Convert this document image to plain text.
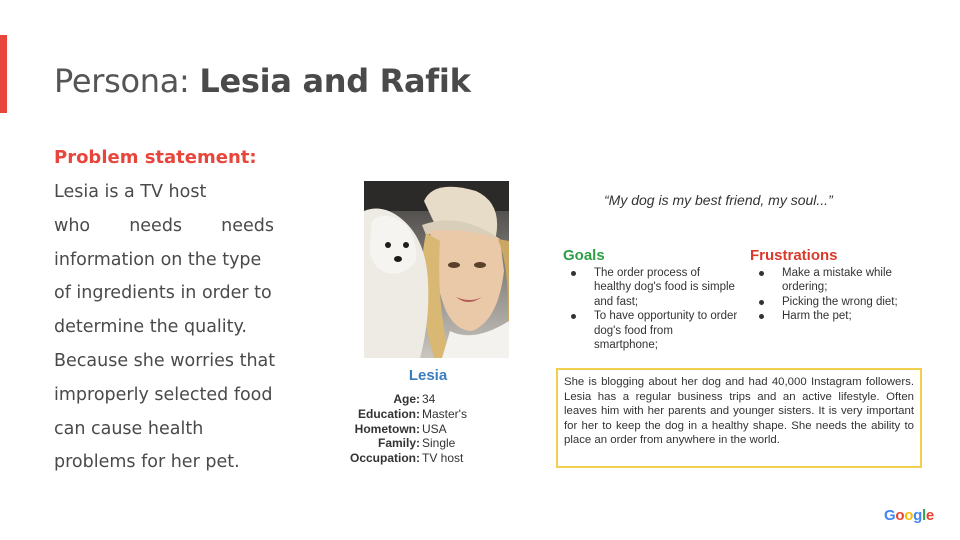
Persona: Lesia and Rafik
Problem statement:
Lesia is a TV host
who needs needs
information on the type
of ingredients in order to
determine the quality.
Because she worries that
improperly selected food
can cause health
problems for her pet.
Lesia
Age: 34
Education: Master's
Hometown: USA
Family: Single
Occupation: TV host
“My dog is my best friend, my soul...”
Goals
The order process of healthy dog's food is simple and fast;
To have opportunity to order dog's food from smartphone;
Frustrations
Make a mistake while ordering;
Picking the wrong diet;
Harm the pet;
She is blogging about her dog and had 40,000 Instagram followers. Lesia has a regular business trips and an active lifestyle. Often leaves him with her parents and younger sisters. It is very important for her to keep the dog in a healthy shape. She needs the ability to place an order from anywhere in the world.
Google
